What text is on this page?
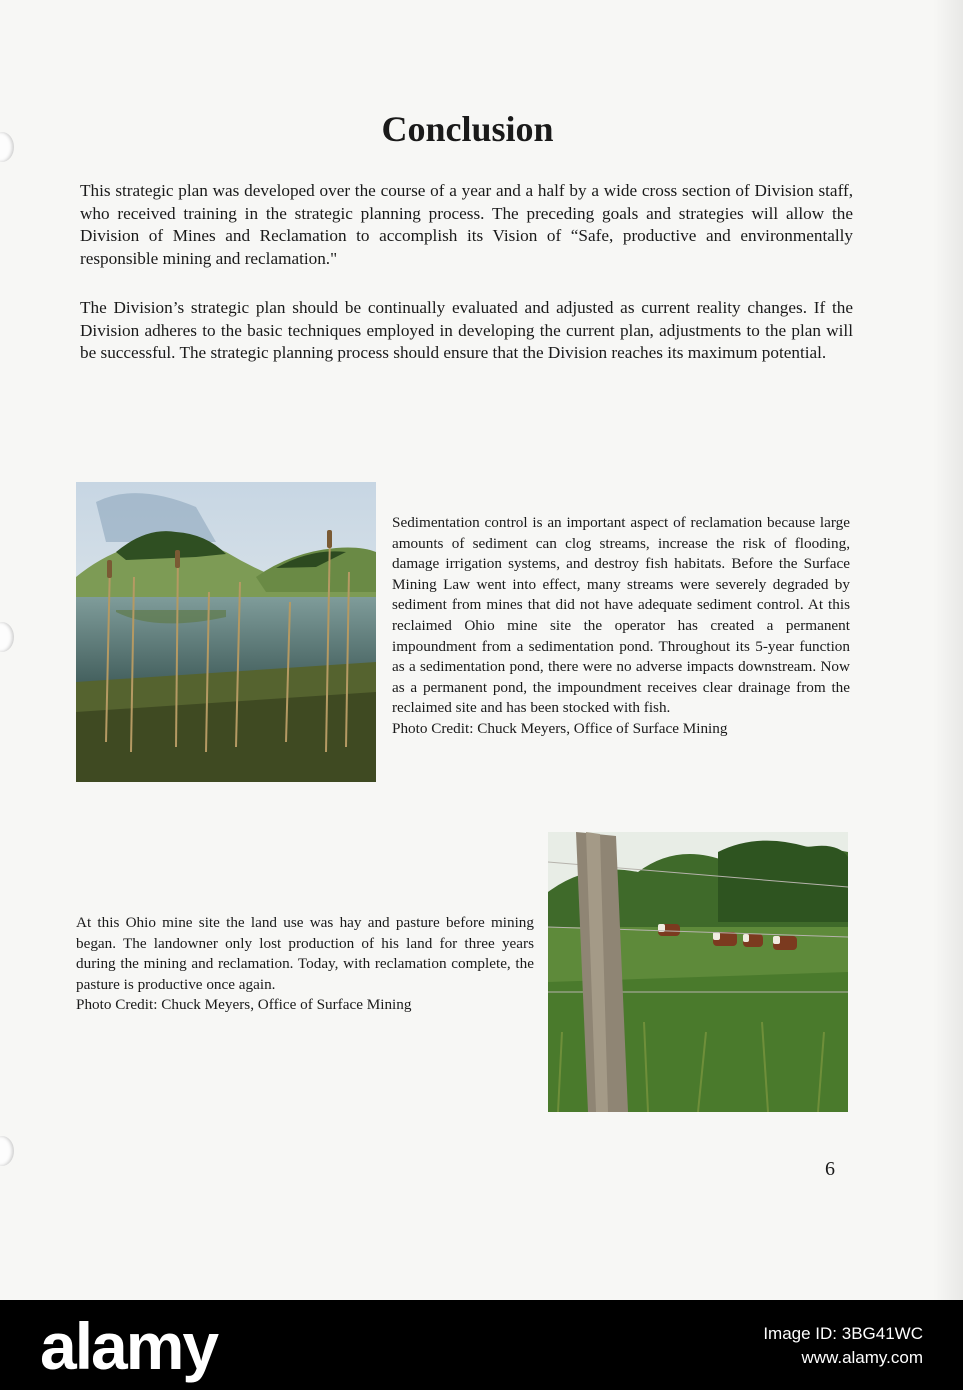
Conclusion

This strategic plan was developed over the course of a year and a half by a wide cross section of Division staff, who received training in the strategic planning process. The preceding goals and strategies will allow the Division of Mines and Reclamation to accomplish its Vision of “Safe, productive and environmentally responsible mining and reclamation."

The Division’s strategic plan should be continually evaluated and adjusted as current reality changes. If the Division adheres to the basic techniques employed in developing the current plan, adjustments to the plan will be successful. The strategic planning process should ensure that the Division reaches its maximum potential.

Sedimentation control is an important aspect of reclamation because large amounts of sediment can clog streams, increase the risk of flooding, damage irrigation systems, and destroy fish habitats. Before the Surface Mining Law went into effect, many streams were severely degraded by sediment from mines that did not have adequate sediment control. At this reclaimed Ohio mine site the operator has created a permanent impoundment from a sedimentation pond. Throughout its 5-year function as a sedimentation pond, there were no adverse impacts downstream. Now as a permanent pond, the impoundment receives clear drainage from the reclaimed site and has been stocked with fish.
Photo Credit: Chuck Meyers, Office of Surface Mining

At this Ohio mine site the land use was hay and pasture before mining began. The landowner only lost production of his land for three years during the mining and reclamation. Today, with reclamation complete, the pasture is productive once again.
Photo Credit: Chuck Meyers, Office of Surface Mining

6

alamy	Image ID: 3BG41WC
www.alamy.com
